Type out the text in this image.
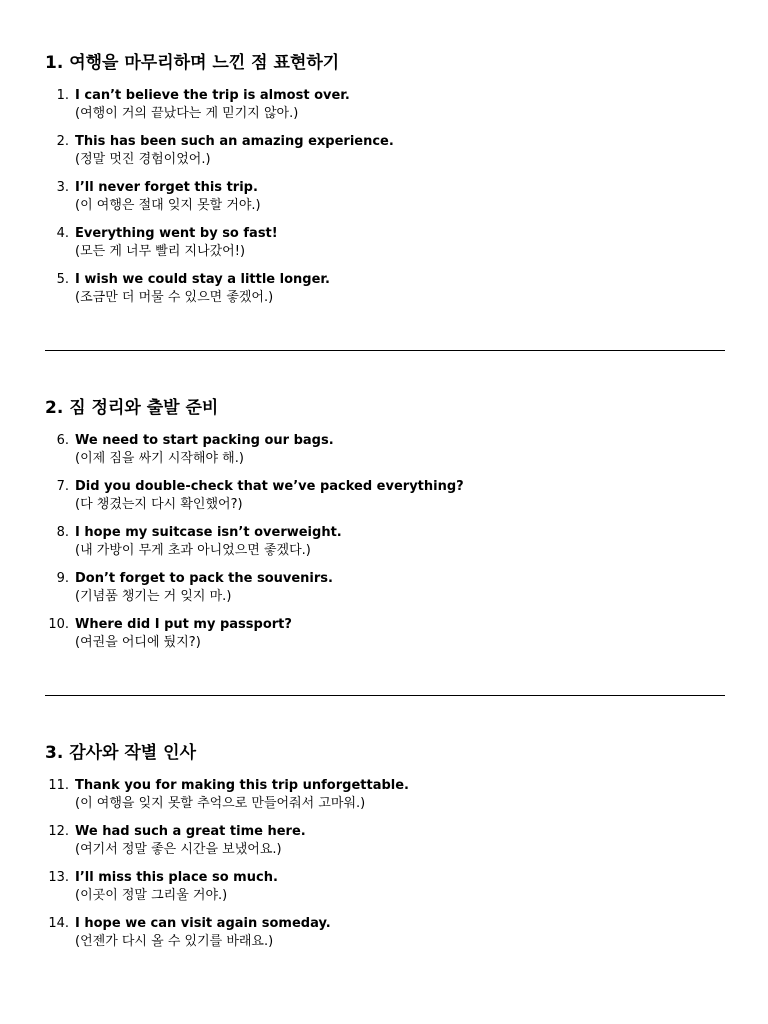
1. 여행을 마무리하며 느낀 점 표현하기
1. I can’t believe the trip is almost over.
(여행이 거의 끝났다는 게 믿기지 않아.)
2. This has been such an amazing experience.
(정말 멋진 경험이었어.)
3. I’ll never forget this trip.
(이 여행은 절대 잊지 못할 거야.)
4. Everything went by so fast!
(모든 게 너무 빨리 지나갔어!)
5. I wish we could stay a little longer.
(조금만 더 머물 수 있으면 좋겠어.)
2. 짐 정리와 출발 준비
6. We need to start packing our bags.
(이제 짐을 싸기 시작해야 해.)
7. Did you double-check that we’ve packed everything?
(다 챙겼는지 다시 확인했어?)
8. I hope my suitcase isn’t overweight.
(내 가방이 무게 초과 아니었으면 좋겠다.)
9. Don’t forget to pack the souvenirs.
(기념품 챙기는 거 잊지 마.)
10. Where did I put my passport?
(여권을 어디에 뒀지?)
3. 감사와 작별 인사
11. Thank you for making this trip unforgettable.
(이 여행을 잊지 못할 추억으로 만들어줘서 고마워.)
12. We had such a great time here.
(여기서 정말 좋은 시간을 보냈어요.)
13. I’ll miss this place so much.
(이곳이 정말 그리울 거야.)
14. I hope we can visit again someday.
(언젠가 다시 올 수 있기를 바래요.)
